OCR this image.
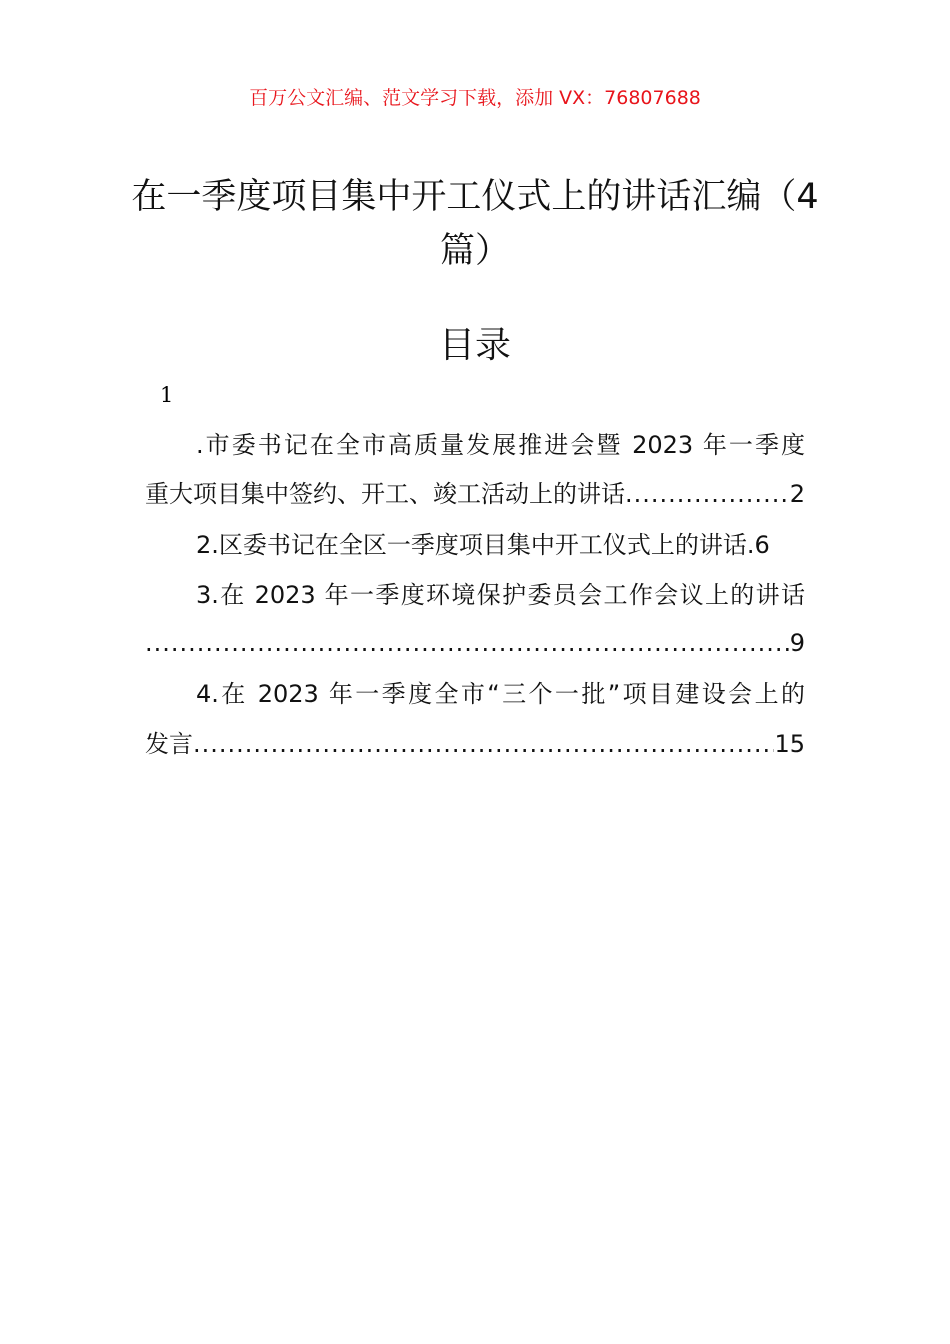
百万公文汇编、范文学习下载，添加 VX：76807688
在一季度项目集中开工仪式上的讲话汇编（4篇）
目录
1
.市委书记在全市高质量发展推进会暨 2023 年一季度
重大项目集中签约、开工、竣工活动上的讲话 .....	2
2.区委书记在全区一季度项目集中开工仪式上的讲话. 6
3.在 2023 年一季度环境保护委员会工作会议上的讲话
.....
9
4.在 2023 年一季度全市“三个一批”项目建设会上的
发言 .....	15
